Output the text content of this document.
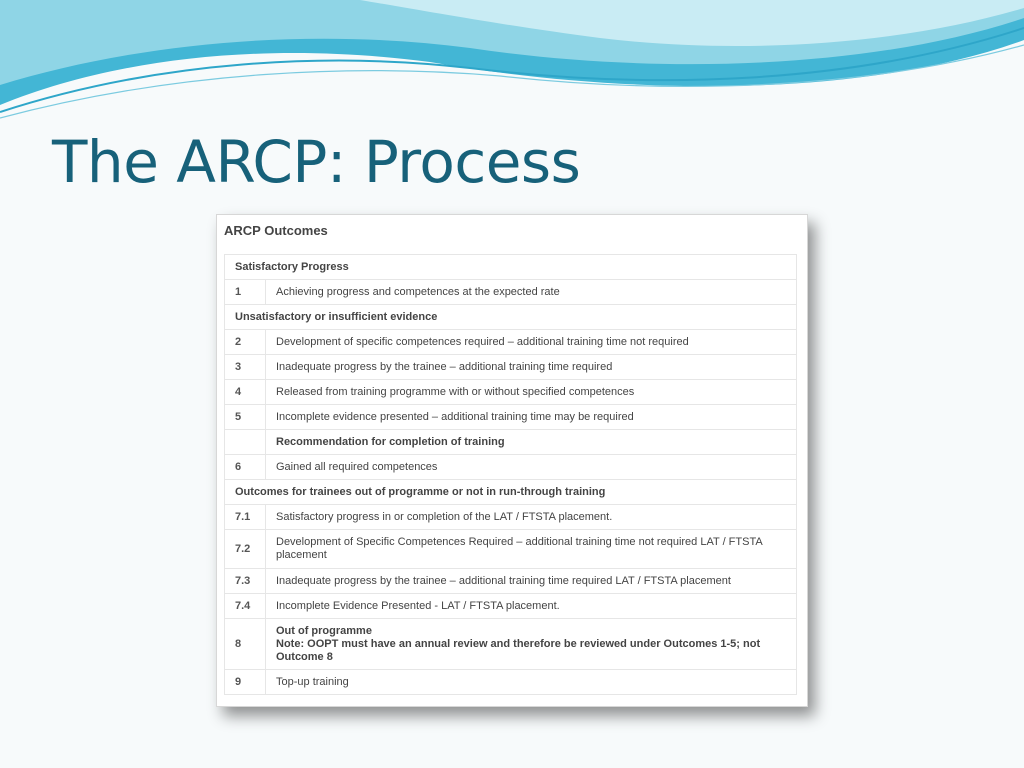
The ARCP: Process
ARCP Outcomes
Satisfactory Progress	
1	Achieving progress and competences at the expected rate
Unsatisfactory or insufficient evidence	
2	Development of specific competences required – additional training time not required
3	Inadequate progress by the trainee – additional training time required
4	Released from training programme with or without specified competences
5	Incomplete evidence presented – additional training time may be required
	Recommendation for completion of training
6	Gained all required competences
Outcomes for trainees out of programme or not in run-through training	
7.1	Satisfactory progress in or completion of the LAT / FTSTA placement.
7.2	Development of Specific Competences Required – additional training time not required LAT / FTSTA placement
7.3	Inadequate progress by the trainee – additional training time required LAT / FTSTA placement
7.4	Incomplete Evidence Presented - LAT / FTSTA placement.
8	Out of programme
Note: OOPT must have an annual review and therefore be reviewed under Outcomes 1-5; not Outcome 8

9	Top-up training
